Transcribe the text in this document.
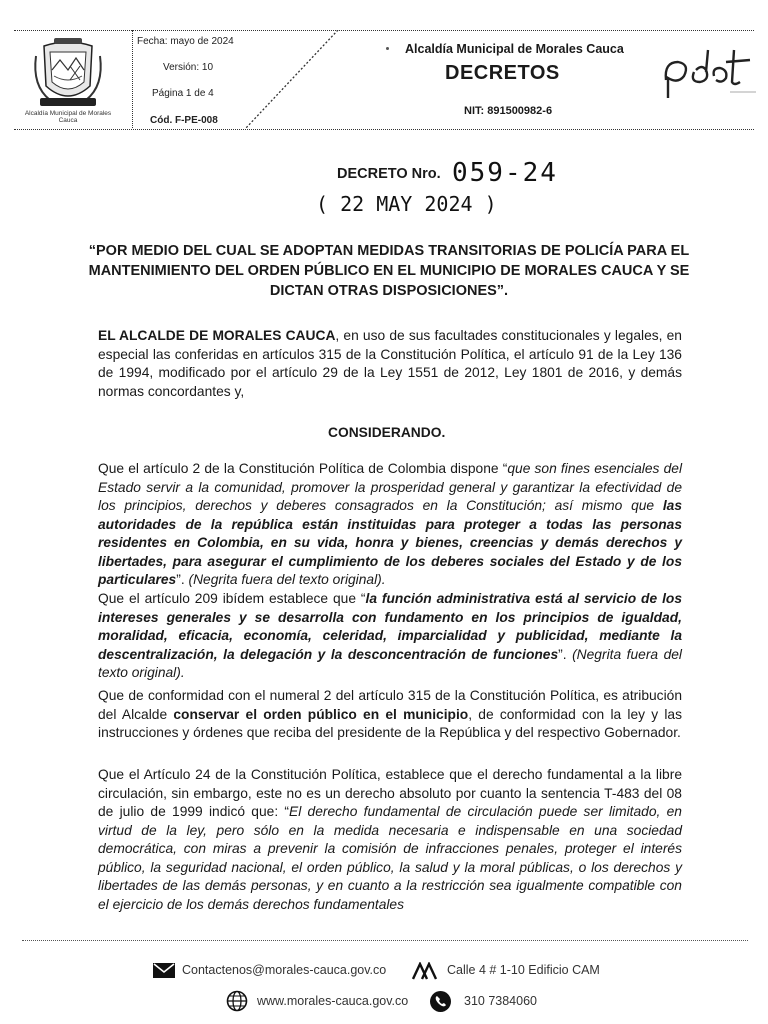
Alcaldía Municipal de Morales Cauca
Fecha: mayo de 2024
Versión: 10
Página 1 de 4
Cód. F-PE-008
Alcaldía Municipal de Morales Cauca
DECRETOS
NIT: 891500982-6
DECRETO Nro. 059-24
( 22 MAY 2024 )
“POR MEDIO DEL CUAL SE ADOPTAN MEDIDAS TRANSITORIAS DE POLICÍA PARA EL MANTENIMIENTO DEL ORDEN PÚBLICO EN EL MUNICIPIO DE MORALES CAUCA Y SE DICTAN OTRAS DISPOSICIONES”.
EL ALCALDE DE MORALES CAUCA, en uso de sus facultades constitucionales y legales, en especial las conferidas en artículos 315 de la Constitución Política, el artículo 91 de la Ley 136 de 1994, modificado por el artículo 29 de la Ley 1551 de 2012, Ley 1801 de 2016, y demás normas concordantes y,
CONSIDERANDO.
Que el artículo 2 de la Constitución Política de Colombia dispone “que son fines esenciales del Estado servir a la comunidad, promover la prosperidad general y garantizar la efectividad de los principios, derechos y deberes consagrados en la Constitución; así mismo que las autoridades de la república están instituidas para proteger a todas las personas residentes en Colombia, en su vida, honra y bienes, creencias y demás derechos y libertades, para asegurar el cumplimiento de los deberes sociales del Estado y de los particulares”. (Negrita fuera del texto original).
Que el artículo 209 ibídem establece que “la función administrativa está al servicio de los intereses generales y se desarrolla con fundamento en los principios de igualdad, moralidad, eficacia, economía, celeridad, imparcialidad y publicidad, mediante la descentralización, la delegación y la desconcentración de funciones”. (Negrita fuera del texto original).
Que de conformidad con el numeral 2 del artículo 315 de la Constitución Política, es atribución del Alcalde conservar el orden público en el municipio, de conformidad con la ley y las instrucciones y órdenes que reciba del presidente de la República y del respectivo Gobernador.
Que el Artículo 24 de la Constitución Política, establece que el derecho fundamental a la libre circulación, sin embargo, este no es un derecho absoluto por cuanto la sentencia T-483 del 08 de julio de 1999 indicó que: “El derecho fundamental de circulación puede ser limitado, en virtud de la ley, pero sólo en la medida necesaria e indispensable en una sociedad democrática, con miras a prevenir la comisión de infracciones penales, proteger el interés público, la seguridad nacional, el orden público, la salud y la moral públicas, o los derechos y libertades de las demás personas, y en cuanto a la restricción sea igualmente compatible con el ejercicio de los demás derechos fundamentales
Contactenos@morales-cauca.gov.co	Calle 4 # 1-10 Edificio CAM
www.morales-cauca.gov.co	310 7384060
